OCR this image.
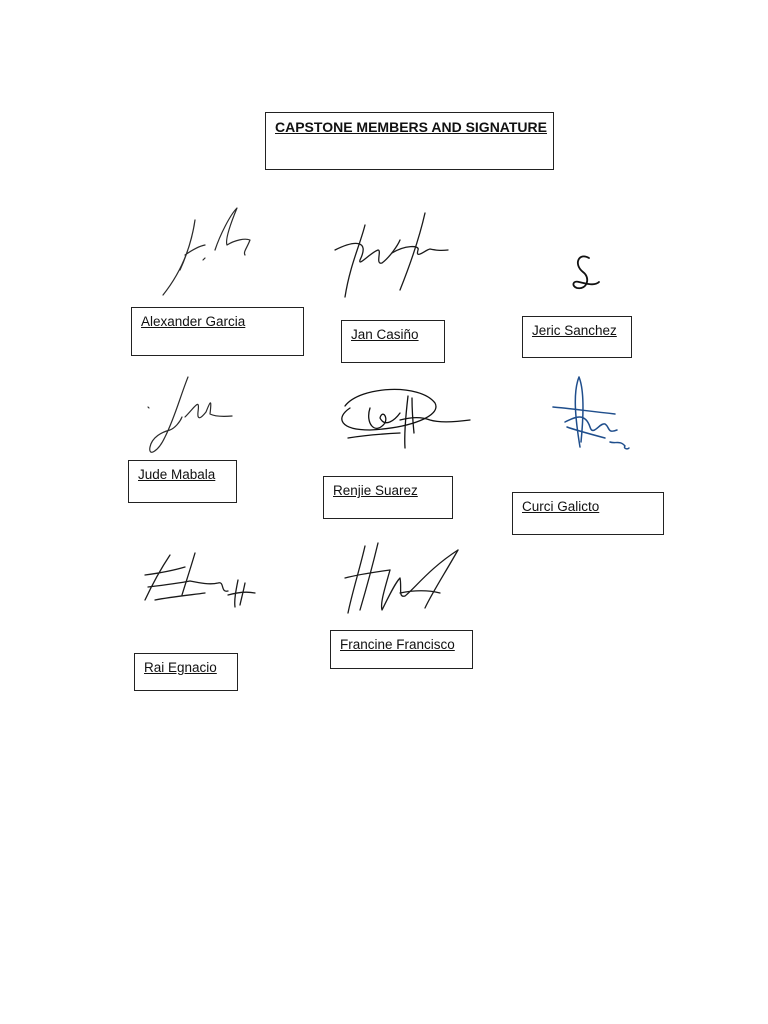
CAPSTONE MEMBERS AND SIGNATURE
Alexander Garcia
Jan Casiño	Jeric Sanchez
Jude Mabala
Renjie Suarez
Curci Galicto
Rai Egnacio
Francine Francisco
